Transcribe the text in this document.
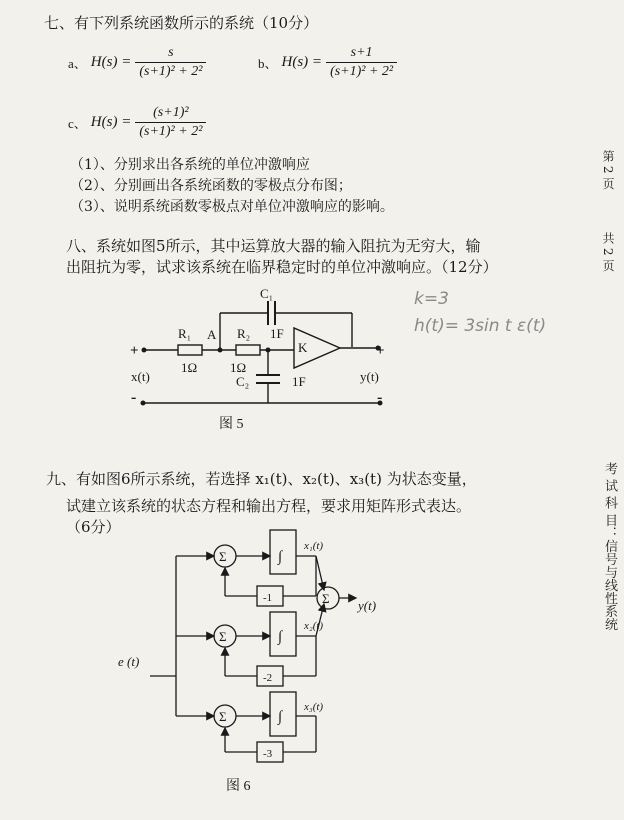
七、有下列系统函数所示的系统（10分）
a、 $H(s) = \frac{s}{\text{(s+1)² + 2²}}$	b、 $H(s) = \frac{s+1}{\text{(s+1)² + 2²}}$
c、 $H(s) = \frac{\text{(s+1)²}}{\text{(s+1)² + 2²}}$
（1）、分别求出各系统的单位冲激响应
（2）、分别画出各系统函数的零极点分布图；
（3）、说明系统函数零极点对单位冲激响应的影响。
八、系统如图5所示，其中运算放大器的输入阻抗为无穷大，输
出阻抗为零，试求该系统在临界稳定时的单位冲激响应。（12分）
C₁
R₁ A R₂ 1F
K
1Ω	1Ω
C₂	1F
x(t)	y(t)
+	+
-	-
图 5
k=3
h(t)= 3sin t ε(t)
九、有如图6所示系统，若选择 x₁(t)、x₂(t)、x₃(t) 为状态变量，
试建立该系统的状态方程和输出方程，要求用矩阵形式表达。
（6分）
Σ
Σ
Σ
Σ
∫
∫
∫
x₁(t)
x₂(t)
x₃(t)
-1
-2
-3
e (t)
y(t)
图 6
第 2 页
共 2 页
考 试 科 目：信号与线性系统
